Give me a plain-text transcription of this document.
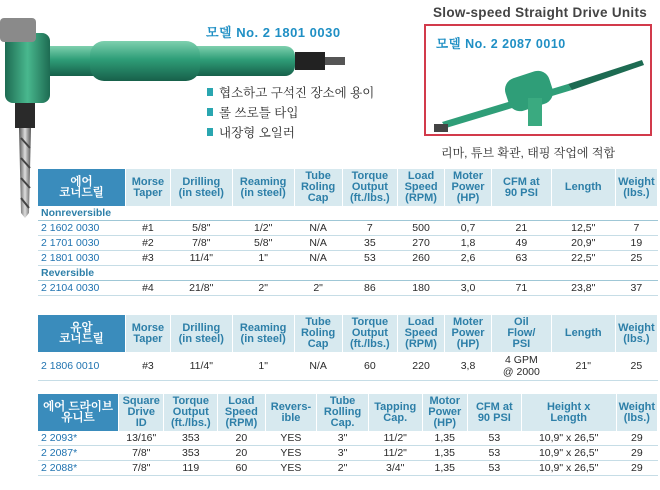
모델 No. 2 1801 0030
협소하고 구석진 장소에 용이
롤 쓰로틀 타입
내장형 오일러
Slow-speed Straight Drive Units
모델 No. 2 2087 0010
리마, 튜브 확관, 태핑 작업에 적합
에어
코너드릴	Morse
Taper	Drilling
(in steel)	Reaming
(in steel)	Tube
Roling
Cap	Torque
Output
(ft./lbs.)	Load
Speed
(RPM)	Moter
Power
(HP)	CFM at
90 PSI	Length	Weight
(lbs.)
Nonreversible										
2 1602 0030	#1	5/8"	1/2"	N/A	7	500	0,7	21	12,5"	7
2 1701 0030	#2	7/8"	5/8"	N/A	35	270	1,8	49	20,9"	19
2 1801 0030	#3	11/4"	1"	N/A	53	260	2,6	63	22,5"	25
Reversible										
2 2104 0030	#4	21/8"	2"	2"	86	180	3,0	71	23,8"	37
유압
코너드릴	Morse
Taper	Drilling
(in steel)	Reaming
(in steel)	Tube
Roling
Cap	Torque
Output
(ft./lbs.)	Load
Speed
(RPM)	Moter
Power
(HP)	Oil
Flow/
PSI	Length	Weight
(lbs.)
2 1806 0010	#3	11/4"	1"	N/A	60	220	3,8	4 GPM
@ 2000	21"	25
에어 드라이브
유니트	Square
Drive
ID	Torque
Output
(ft./lbs.)	Load
Speed
(RPM)	Revers-
ible	Tube
Rolling
Cap.	Tapping
Cap.	Motor
Power
(HP)	CFM at
90 PSI	Height x
Length	Weight
(lbs.)
2 2093*	13/16"	353	20	YES	3"	11/2"	1,35	53	10,9" x 26,5"	29
2 2087*	7/8"	353	20	YES	3"	11/2"	1,35	53	10,9" x 26,5"	29
2 2088*	7/8"	119	60	YES	2"	3/4"	1,35	53	10,9" x 26,5"	29
